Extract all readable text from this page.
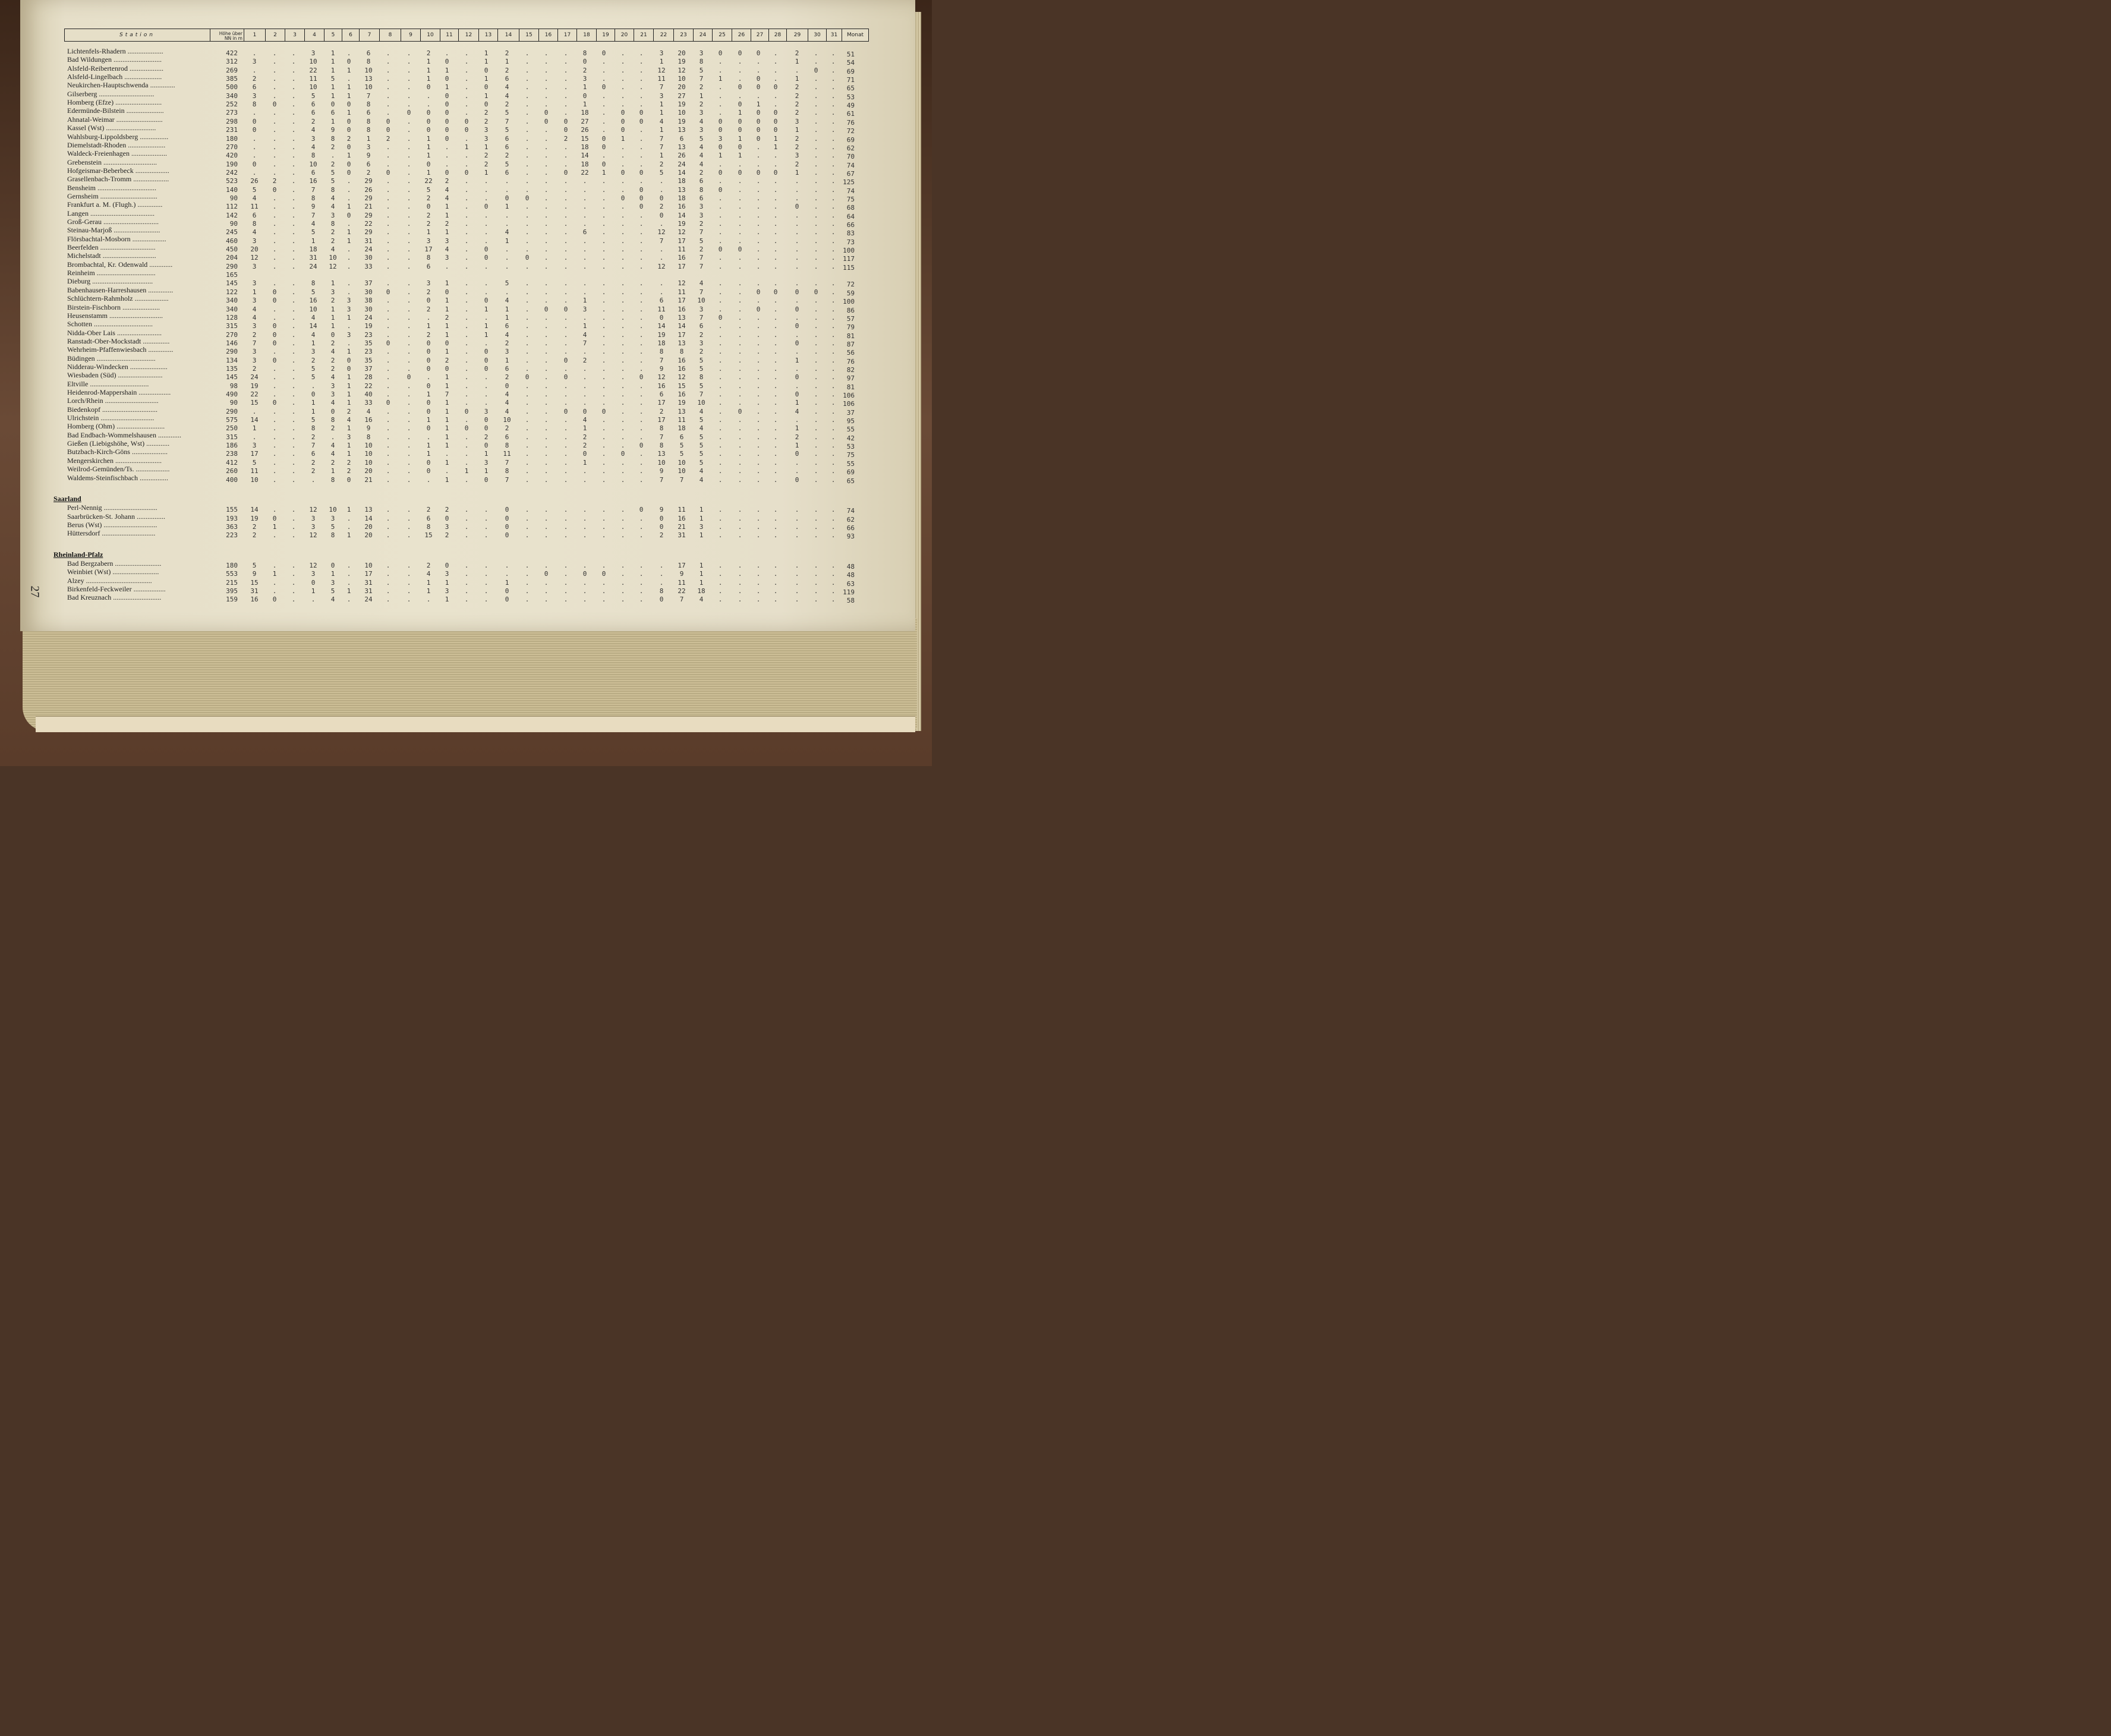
Station	Höhe über
NN in m
1	2	3	4	5	6	7	8	9	10	11	12	13	14	15	16	17	18	19	20	21	22	23	24	25	26	27	28	29	30	31	Monat
Lichtenfels-Rhadern ....................	422	.	.	.	3	1	.	6	.	.	2	.	.	1	2	.	.	.	8	0	.	.	3	20	3	0	0	0	.	2	.	.	51
Bad Wildungen ...........................	312	3	.	.	10	1	0	8	.	.	1	0	.	1	1	.	.	.	0	.	.	.	1	19	8	.	.	.	.	1	.	.	54
Alsfeld-Reibertenrod ...................	269	.	.	.	22	1	1	10	.	.	1	1	.	0	2	.	.	.	2	.	.	.	12	12	5	.	.	.	.	.	0	.	69
Alsfeld-Lingelbach .....................	385	2	.	.	11	5	.	13	.	.	1	0	.	1	6	.	.	.	3	.	.	.	11	10	7	1	.	0	.	1	.	.	71
Neukirchen-Hauptschwenda ..............	500	6	.	.	10	1	1	10	.	.	0	1	.	0	4	.	.	.	1	0	.	.	7	20	2	.	0	0	0	2	.	.	65
Gilserberg ...............................	340	3	.	.	5	1	1	7	.	.	.	0	.	1	4	.	.	.	0	.	.	.	3	27	1	.	.	.	.	2	.	.	53
Homberg (Efze) ..........................	252	8	0	.	6	0	0	8	.	.	.	0	.	0	2	.	.	.	1	.	.	.	1	19	2	.	0	1	.	2	.	.	49
Edermünde-Bilstein .....................	273	.	.	.	6	6	1	6	.	0	0	0	.	2	5	.	0	.	18	.	0	0	1	10	3	.	1	0	0	2	.	.	61
Ahnatal-Weimar ..........................	298	0	.	.	2	1	0	8	0	.	0	0	0	2	7	.	0	0	27	.	0	0	4	19	4	0	0	0	0	3	.	.	76
Kassel (Wst) ............................	231	0	.	.	4	9	0	8	0	.	0	0	0	3	5	.	.	0	26	.	0	.	1	13	3	0	0	0	0	1	.	.	72
Wahlsburg-Lippoldsberg ................	180	.	.	.	3	8	2	1	2	.	1	0	.	3	6	.	.	2	15	0	1	.	7	6	5	3	1	0	1	2	.	.	69
Diemelstadt-Rhoden .....................	270	.	.	.	4	2	0	3	.	.	1	.	1	1	6	.	.	.	18	0	.	.	7	13	4	0	0	.	1	2	.	.	62
Waldeck-Freienhagen ....................	420	.	.	.	8	.	1	9	.	.	1	.	.	2	2	.	.	.	14	.	.	.	1	26	4	1	1	.	.	3	.	.	70
Grebenstein ..............................	190	0	.	.	10	2	0	6	.	.	0	.	.	2	5	.	.	.	18	0	.	.	2	24	4	.	.	.	.	2	.	.	74
Hofgeismar-Beberbeck ...................	242	.	.	.	6	5	0	2	0	.	1	0	0	1	6	.	.	0	22	1	0	0	5	14	2	0	0	0	0	1	.	.	67
Grasellenbach-Tromm ....................	523	26	2	.	16	5	.	29	.	.	22	2	.	.	.	.	.	.	.	.	.	.	.	18	6	.	.	.	.	.	.	.	125
Bensheim .................................	140	5	0	.	7	8	.	26	.	.	5	4	.	.	.	.	.	.	.	.	.	0	.	13	8	0	.	.	.	.	.	.	74
Gernsheim ................................	90	4	.	.	8	4	.	29	.	.	2	4	.	.	0	0	.	.	.	.	0	0	0	18	6	.	.	.	.	.	.	.	75
Frankfurt a. M. (Flugh.) ..............	112	11	.	.	9	4	1	21	.	.	0	1	.	0	1	.	.	.	.	.	.	0	2	16	3	.	.	.	.	0	.	.	68
Langen ....................................	142	6	.	.	7	3	0	29	.	.	2	1	.	.	.	.	.	.	.	.	.	.	0	14	3	.	.	.	.	.	.	.	64
Groß-Gerau ...............................	90	8	.	.	4	8	.	22	.	.	2	2	.	.	.	.	.	.	.	.	.	.	.	19	2	.	.	.	.	.	.	.	66
Steinau-Marjoß ..........................	245	4	.	.	5	2	1	29	.	.	1	1	.	.	4	.	.	.	6	.	.	.	12	12	7	.	.	.	.	.	.	.	83
Flörsbachtal-Mosborn ...................	460	3	.	.	1	2	1	31	.	.	3	3	.	.	1	.	.	.	.	.	.	.	7	17	5	.	.	.	.	.	.	.	73
Beerfelden ...............................	450	20	.	.	18	4	.	24	.	.	17	4	.	0	.	.	.	.	.	.	.	.	.	11	2	0	0	.	.	.	.	.	100
Michelstadt ..............................	204	12	.	.	31	10	.	30	.	.	8	3	.	0	.	0	.	.	.	.	.	.	.	16	7	.	.	.	.	.	.	.	117
Brombachtal, Kr. Odenwald .............	290	3	.	.	24	12	.	33	.	.	6	.	.	.	.	.	.	.	.	.	.	.	12	17	7	.	.	.	.	.	.	.	115
Reinheim .................................	165
Dieburg ..................................	145	3	.	.	8	1	.	37	.	.	3	1	.	.	5	.	.	.	.	.	.	.	.	12	4	.	.	.	.	.	.	.	72
Babenhausen-Harreshausen ..............	122	1	0	.	5	3	.	30	0	.	2	0	.	.	.	.	.	.	.	.	.	.	.	11	7	.	.	0	0	0	0	.	59
Schlüchtern-Rahmholz ...................	340	3	0	.	16	2	3	38	.	.	0	1	.	0	4	.	.	.	1	.	.	.	6	17	10	.	.	.	.	.	.	.	100
Birstein-Fischborn .....................	340	4	.	.	10	1	3	30	.	.	2	1	.	1	1	.	0	0	3	.	.	.	11	16	3	.	.	0	.	0	.	.	86
Heusenstamm ..............................	128	4	.	.	4	1	1	24	.	.	.	2	.	.	1	.	.	.	.	.	.	.	0	13	7	0	.	.	.	.	.	.	57
Schotten .................................	315	3	0	.	14	1	.	19	.	.	1	1	.	1	6	.	.	.	1	.	.	.	14	14	6	.	.	.	.	0	.	.	79
Nidda-Ober Lais .........................	270	2	0	.	4	0	3	23	.	.	2	1	.	1	4	.	.	.	4	.	.	.	19	17	2	.	.	.	.	.	.	.	81
Ranstadt-Ober-Mockstadt ...............	146	7	0	.	1	2	.	35	0	.	0	0	.	.	2	.	.	.	7	.	.	.	18	13	3	.	.	.	.	0	.	.	87
Wehrheim-Pfaffenwiesbach ..............	290	3	.	.	3	4	1	23	.	.	0	1	.	0	3	.	.	.	.	.	.	.	8	8	2	.	.	.	.	.	.	.	56
Büdingen .................................	134	3	0	.	2	2	0	35	.	.	0	2	.	0	1	.	.	0	2	.	.	.	7	16	5	.	.	.	.	1	.	.	76
Nidderau-Windecken .....................	135	2	.	.	5	2	0	37	.	.	0	0	.	0	6	.	.	.	.	.	.	.	9	16	5	.	.	.	.	.	.	.	82
Wiesbaden (Süd) .........................	145	24	.	.	5	4	1	28	.	0	.	1	.	.	2	0	.	0	.	.	.	0	12	12	8	.	.	.	.	0	.	.	97
Eltville .................................	98	19	.	.	.	3	1	22	.	.	0	1	.	.	0	.	.	.	.	.	.	.	16	15	5	.	.	.	.	.	.	.	81
Heidenrod-Mappershain ..................	490	22	.	.	0	3	1	40	.	.	1	7	.	.	4	.	.	.	.	.	.	.	6	16	7	.	.	.	.	0	.	.	106
Lorch/Rhein ..............................	90	15	0	.	1	4	1	33	0	.	0	1	.	.	4	.	.	.	.	.	.	.	17	19	10	.	.	.	.	1	.	.	106
Biedenkopf ...............................	290	.	.	.	1	0	2	4	.	.	0	1	0	3	4	.	.	0	0	0	.	.	2	13	4	.	0	.	.	4	.	.	37
Ulrichstein ..............................	575	14	.	.	5	8	4	16	.	.	1	1	.	0	10	.	.	.	4	.	.	.	17	11	5	.	.	.	.	.	.	.	95
Homberg (Ohm) ...........................	250	1	.	.	8	2	1	9	.	.	0	1	0	0	2	.	.	.	1	.	.	.	8	18	4	.	.	.	.	1	.	.	55
Bad Endbach-Wommelshausen .............	315	.	.	.	2	.	3	8	.	.	.	1	.	2	6	.	.	.	2	.	.	.	7	6	5	.	.	.	.	2	.	.	42
Gießen (Liebigshöhe, Wst) .............	186	3	.	.	7	4	1	10	.	.	1	1	.	0	8	.	.	.	2	.	.	0	8	5	5	.	.	.	.	1	.	.	53
Butzbach-Kirch-Göns ....................	238	17	.	.	6	4	1	10	.	.	1	.	.	1	11	.	.	.	0	.	0	.	13	5	5	.	.	.	.	0	.	.	75
Mengerskirchen ..........................	412	5	.	.	2	2	2	10	.	.	0	1	.	3	7	.	.	.	1	.	.	.	10	10	5	.	.	.	.	.	.	.	55
Weilrod-Gemünden/Ts. ...................	260	11	.	.	2	1	2	20	.	.	0	.	1	1	8	.	.	.	.	.	.	.	9	10	4	.	.	.	.	.	.	.	69
Waldems-Steinfischbach ................	400	10	.	.	.	8	0	21	.	.	.	1	.	0	7	.	.	.	.	.	.	.	7	7	4	.	.	.	.	0	.	.	65
Saarland
Perl-Nennig ..............................	155	14	.	.	12	10	1	13	.	.	2	2	.	.	0	.	.	.	.	.	.	0	9	11	1	.	.	.	.	.	.	.	74
Saarbrücken-St. Johann ................	193	19	0	.	3	3	.	14	.	.	6	0	.	.	0	.	.	.	.	.	.	.	0	16	1	.	.	.	.	.	.	.	62
Berus (Wst) ..............................	363	2	1	.	3	5	.	20	.	.	8	3	.	.	0	.	.	.	.	.	.	.	0	21	3	.	.	.	.	.	.	.	66
Hüttersdorf ..............................	223	2	.	.	12	8	1	20	.	.	15	2	.	.	0	.	.	.	.	.	.	.	2	31	1	.	.	.	.	.	.	.	93
Rheinland-Pfalz
Bad Bergzabern ..........................	180	5	.	.	12	0	.	10	.	.	2	0	.	.	.	.	.	.	.	.	.	.	.	17	1	.	.	.	.	.	.	.	48
Weinbiet (Wst) ..........................	553	9	1	.	3	1	.	17	.	.	4	3	.	.	.	.	0	.	0	0	.	.	.	9	1	.	.	.	.	.	.	.	48
Alzey .....................................	215	15	.	.	0	3	.	31	.	.	1	1	.	.	1	.	.	.	.	.	.	.	.	11	1	.	.	.	.	.	.	.	63
Birkenfeld-Feckweiler ..................	395	31	.	.	1	5	1	31	.	.	1	3	.	.	0	.	.	.	.	.	.	.	8	22	18	.	.	.	.	.	.	.	119
Bad Kreuznach ...........................	159	16	0	.	.	4	.	24	.	.	.	1	.	.	0	.	.	.	.	.	.	.	0	7	4	.	.	.	.	.	.	.	58
27
